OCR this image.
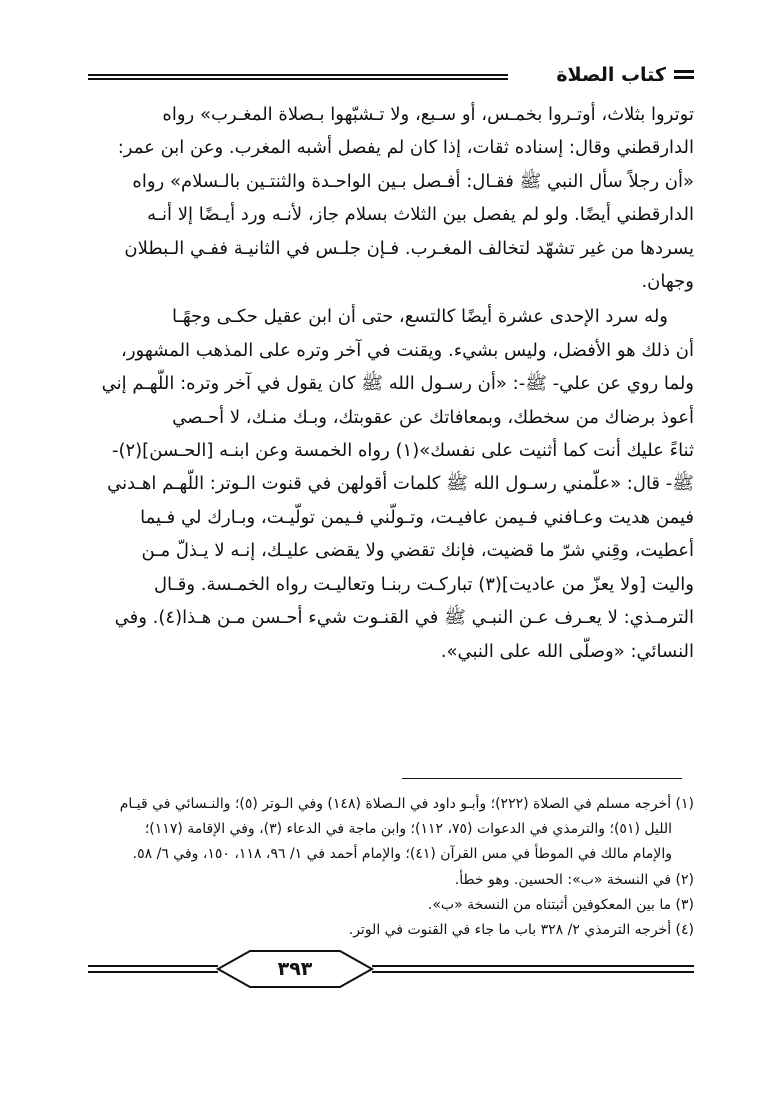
كتاب الصلاة

توتروا بثلاث، أوتـروا بخمـس، أو سـبع، ولا تـشبّهوا بـصلاة المغـرب» رواه
الدارقطني وقال: إسناده ثقات، إذا كان لم يفصل أشبه المغرب. وعن ابن عمر:
«أن رجلاً سأل النبي ﷺ فقـال: أفـصل بـين الواحـدة والثنتـين بالـسلام» رواه
الدارقطني أيضًا. ولو لم يفصل بين الثلاث بسلام جاز، لأنـه ورد أيـضًا إلا أنـه
يسردها من غير تشهّد لتخالف المغـرب. فـإن جلـس في الثانيـة ففـي الـبطلان
وجهان.

وله سرد الإحدى عشرة أيضًا كالتسع، حتى أن ابن عقيل حكـى وجهًـا
أن ذلك هو الأفضل، وليس بشيء. ويقنت في آخر وتره على المذهب المشهور،
ولما روي عن علي- ﷺ-: «أن رسـول الله ﷺ كان يقول في آخر وتره: اللّهـم إني
أعوذ برضاك من سخطك، وبمعافاتك عن عقوبتك، وبـك منـك، لا أحـصي
ثناءً عليك أنت كما أثنيت على نفسك»(١) رواه الخمسة وعن ابنـه [الحـسن](٢)-
ﷺ- قال: «علّمني رسـول الله ﷺ كلمات أقولهن في قنوت الـوتر: اللّهـم اهـدني
فيمن هديت وعـافني فـيمن عافيـت، وتـولّني فـيمن تولّيـت، وبـارك لي فـيما
أعطيت، وقِني شرّ ما قضيت، فإنك تقضي ولا يقضى عليـك، إنـه لا يـذلّ مـن
واليت [ولا يعزّ من عاديت](٣) تباركـت ربنـا وتعاليـت رواه الخمـسة. وقـال
الترمـذي: لا يعـرف عـن النبـي ﷺ في القنـوت شيء أحـسن مـن هـذا(٤). وفي
النسائي: «وصلّى الله على النبي».

(١) أخرجه مسلم في الصلاة (٢٢٢)؛ وأبـو داود في الـصلاة (١٤٨) وفي الـوتر (٥)؛ والنـسائي في قيـام
الليل (٥١)؛ والترمذي في الدعوات (٧٥، ١١٢)؛ وابن ماجة في الدعاء (٣)، وفي الإقامة (١١٧)؛
والإمام مالك في الموطأ في مس القرآن (٤١)؛ والإمام أحمد في ١/ ٩٦، ١١٨، ١٥٠، وفي ٦/ ٥٨.

(٢) في النسخة «ب»: الحسين. وهو خطأ.

(٣) ما بين المعكوفين أثبتناه من النسخة «ب».

(٤) أخرجه الترمذي ٢/ ٣٢٨ باب ما جاء في القنوت في الوتر.

٣٩٣
